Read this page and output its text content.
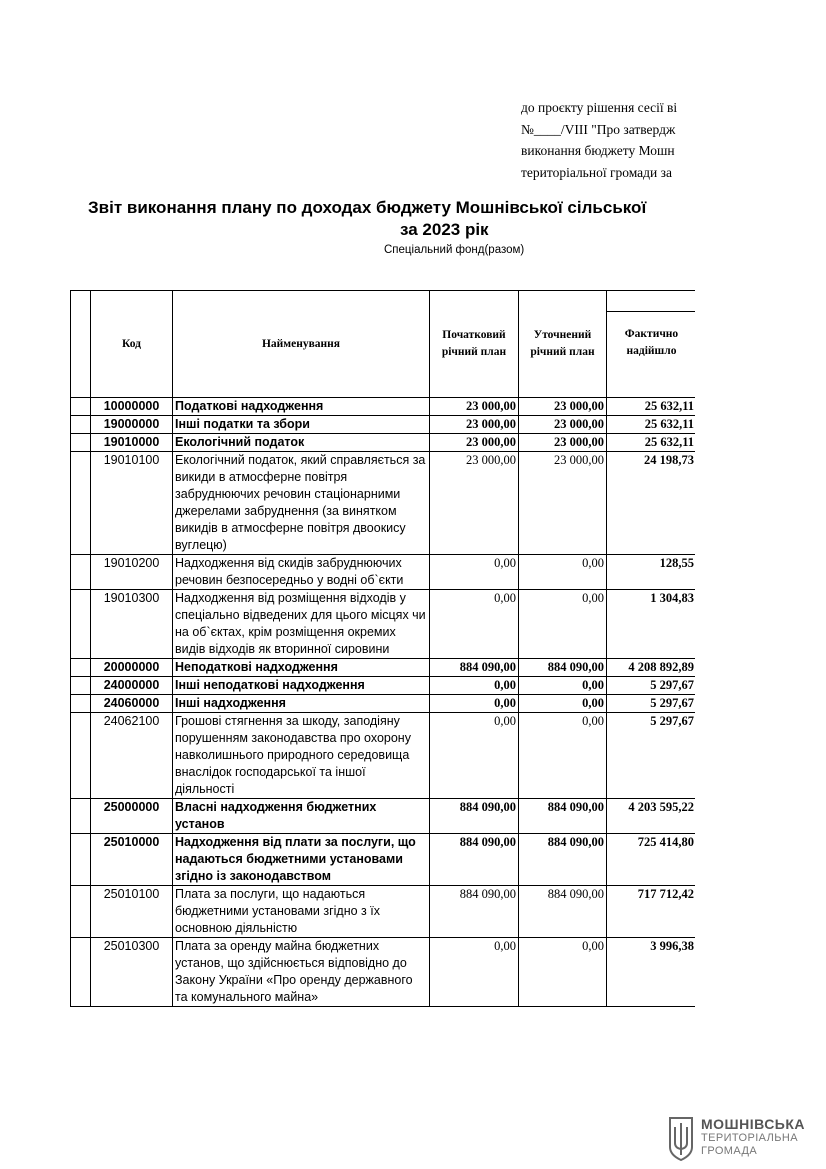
до проєкту рішення сесії ві
№____/VIII "Про затвердж
виконання бюджету Мошн
територіальної громади за
Звіт виконання плану по доходах бюджету Мошнівської сільської
за 2023 рік
Спеціальний фонд(разом)
	Код	Найменування	Початковий річний план	Уточнений річний план	Фактично надійшло
	10000000	Податкові надходження	23 000,00	23 000,00	25 632,11
	19000000	Інші податки та збори	23 000,00	23 000,00	25 632,11
	19010000	Екологічний податок	23 000,00	23 000,00	25 632,11
	19010100	Екологічний податок, який справляється за викиди в атмосферне повітря забруднюючих речовин стаціонарними джерелами забруднення (за винятком викидів в атмосферне повітря двоокису вуглецю)	23 000,00	23 000,00	24 198,73
	19010200	Надходження від скидів забруднюючих речовин безпосередньо у водні об`єкти	0,00	0,00	128,55
	19010300	Надходження від розміщення відходів у спеціально відведених для цього місцях чи на об`єктах, крім розміщення окремих видів відходів як вторинної сировини	0,00	0,00	1 304,83
	20000000	Неподаткові надходження	884 090,00	884 090,00	4 208 892,89
	24000000	Інші неподаткові надходження	0,00	0,00	5 297,67
	24060000	Інші надходження	0,00	0,00	5 297,67
	24062100	Грошові стягнення за шкоду, заподіяну порушенням законодавства про охорону навколишнього природного середовища внаслідок господарської та іншої діяльності	0,00	0,00	5 297,67
	25000000	Власні надходження бюджетних установ	884 090,00	884 090,00	4 203 595,22
	25010000	Надходження від плати за послуги, що надаються бюджетними установами згідно із законодавством	884 090,00	884 090,00	725 414,80
	25010100	Плата за послуги, що надаються бюджетними установами згідно з їх основною діяльністю	884 090,00	884 090,00	717 712,42
	25010300	Плата за оренду майна бюджетних установ, що здійснюється відповідно до Закону України «Про оренду державного та комунального майна»	0,00	0,00	3 996,38
МОШНІВСЬКА
ТЕРИТОРІАЛЬНА
ГРОМАДА
